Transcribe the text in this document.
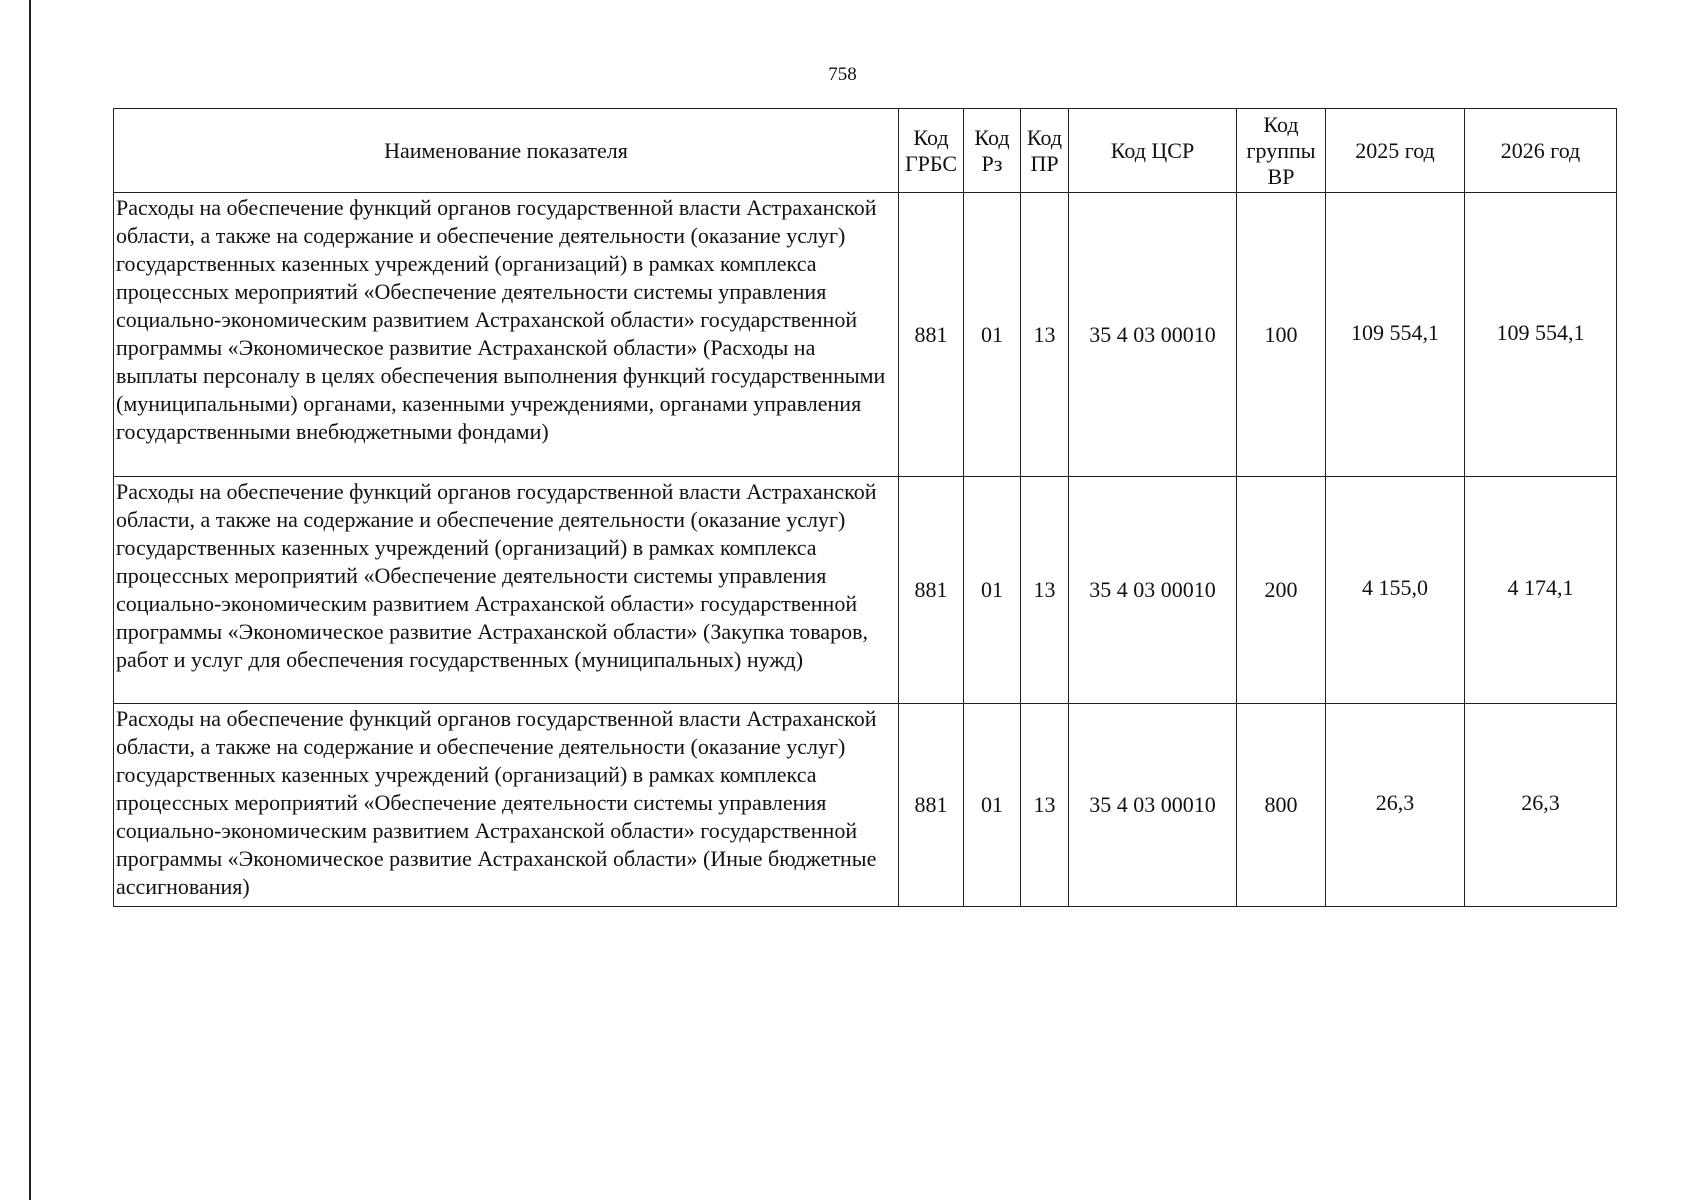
758
Наименование показателя	Код ГРБС	Код Рз	Код ПР	Код ЦСР	Код группы ВР	2025 год	2026 год
Расходы на обеспечение функций органов государственной власти Астраханской области, а также на содержание и обеспечение деятельности (оказание услуг) государственных казенных учреждений (организаций) в рамках комплекса процессных мероприятий «Обеспечение деятельности системы управления социально-экономическим развитием Астраханской области» государственной программы «Экономическое развитие Астраханской области» (Расходы на выплаты персоналу в целях обеспечения выполнения функций государственными (муниципальными) органами, казенными учреждениями, органами управления государственными внебюджетными фондами)	881	01	13	35 4 03 00010	100	109 554,1	109 554,1
Расходы на обеспечение функций органов государственной власти Астраханской области, а также на содержание и обеспечение деятельности (оказание услуг) государственных казенных учреждений (организаций) в рамках комплекса процессных мероприятий «Обеспечение деятельности системы управления социально-экономическим развитием Астраханской области» государственной программы «Экономическое развитие Астраханской области» (Закупка товаров, работ и услуг для обеспечения государственных (муниципальных) нужд)	881	01	13	35 4 03 00010	200	4 155,0	4 174,1
Расходы на обеспечение функций органов государственной власти Астраханской области, а также на содержание и обеспечение деятельности (оказание услуг) государственных казенных учреждений (организаций) в рамках комплекса процессных мероприятий «Обеспечение деятельности системы управления социально-экономическим развитием Астраханской области» государственной программы «Экономическое развитие Астраханской области» (Иные бюджетные ассигнования)	881	01	13	35 4 03 00010	800	26,3	26,3
